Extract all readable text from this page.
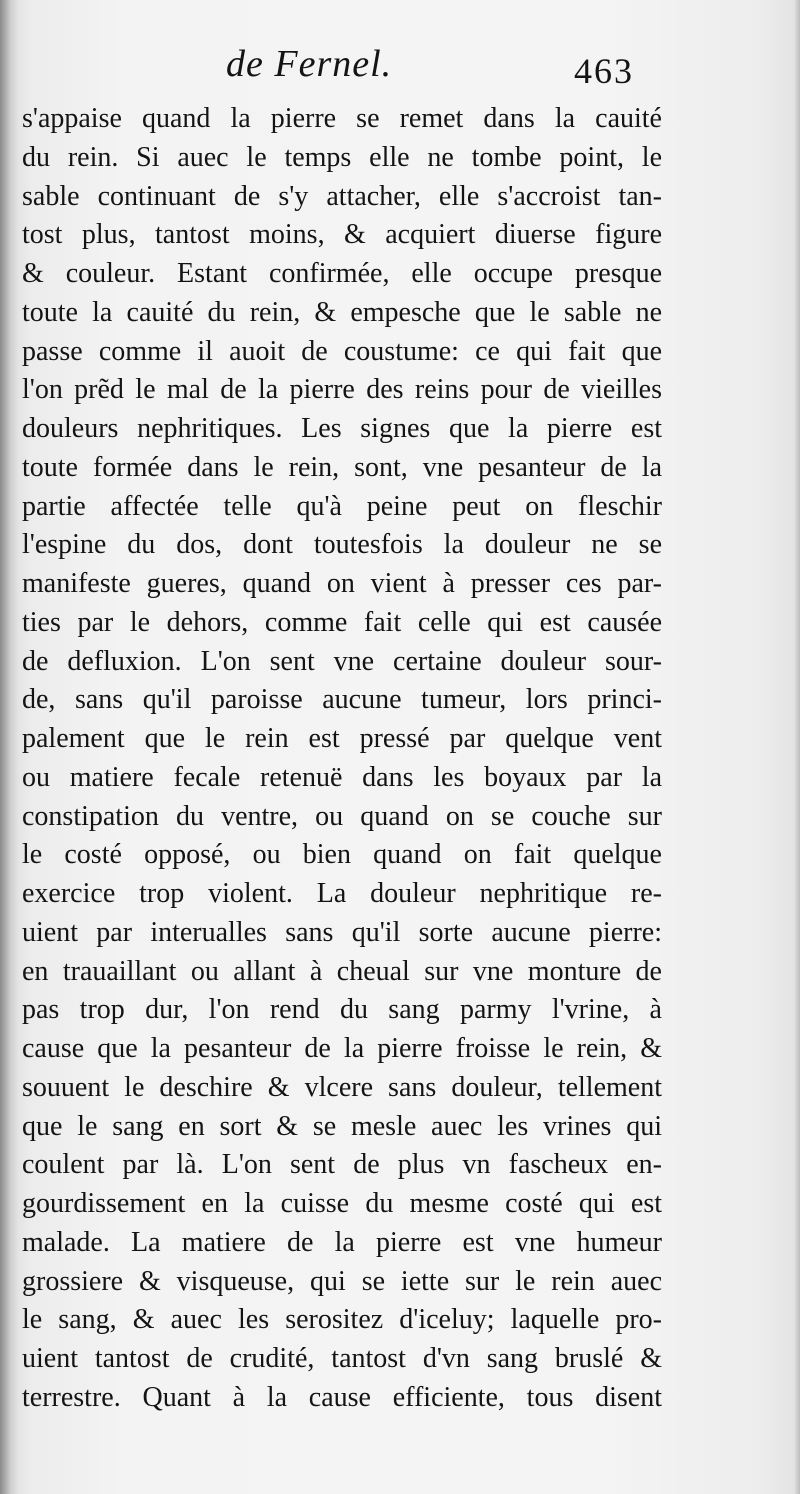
de Fernel.	463
s'appaise quand la pierre se remet dans la cauité
du rein. Si auec le temps elle ne tombe point, le
sable continuant de s'y attacher, elle s'accroist tan-
tost plus, tantost moins, & acquiert diuerse figure
& couleur. Estant confirmée, elle occupe presque
toute la cauité du rein, & empesche que le sable ne
passe comme il auoit de coustume: ce qui fait que
l'on prẽd le mal de la pierre des reins pour de vieilles
douleurs nephritiques. Les signes que la pierre est
toute formée dans le rein, sont, vne pesanteur de la
partie affectée telle qu'à peine peut on fleschir
l'espine du dos, dont toutesfois la douleur ne se
manifeste gueres, quand on vient à presser ces par-
ties par le dehors, comme fait celle qui est causée
de defluxion. L'on sent vne certaine douleur sour-
de, sans qu'il paroisse aucune tumeur, lors princi-
palement que le rein est pressé par quelque vent
ou matiere fecale retenuë dans les boyaux par la
constipation du ventre, ou quand on se couche sur
le costé opposé, ou bien quand on fait quelque
exercice trop violent. La douleur nephritique re-
uient par interualles sans qu'il sorte aucune pierre:
en trauaillant ou allant à cheual sur vne monture de
pas trop dur, l'on rend du sang parmy l'vrine, à
cause que la pesanteur de la pierre froisse le rein, &
souuent le deschire & vlcere sans douleur, tellement
que le sang en sort & se mesle auec les vrines qui
coulent par là. L'on sent de plus vn fascheux en-
gourdissement en la cuisse du mesme costé qui est
malade. La matiere de la pierre est vne humeur
grossiere & visqueuse, qui se iette sur le rein auec
le sang, & auec les serositez d'iceluy; laquelle pro-
uient tantost de crudité, tantost d'vn sang bruslé &
terrestre. Quant à la cause efficiente, tous disent
